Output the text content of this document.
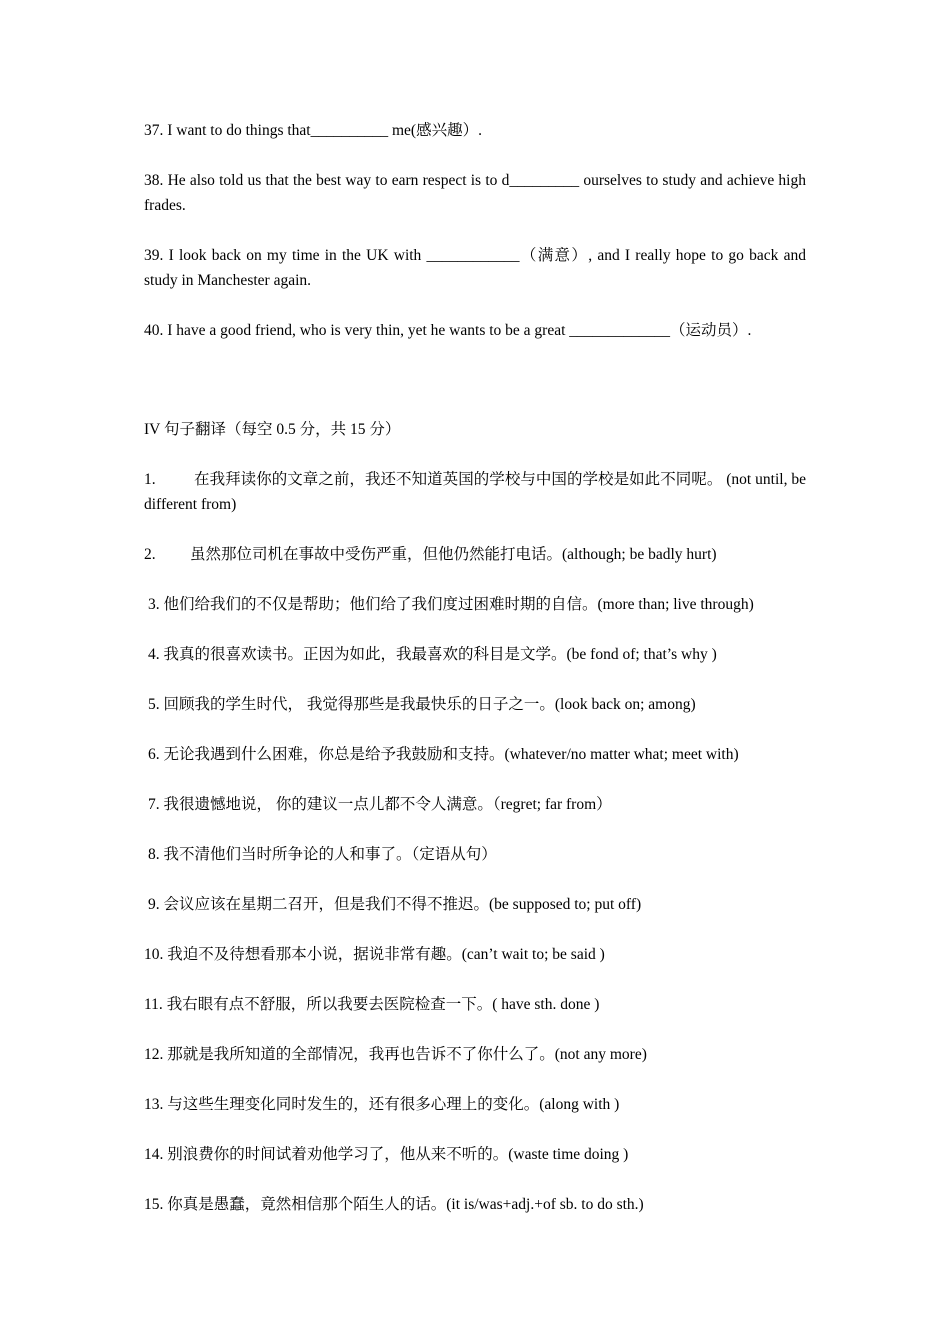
37. I want to do things that__________ me(感兴趣）.

38. He also told us that the best way to earn respect is to d_________ ourselves to study and achieve high frades.

39. I look back on my time in the UK with ____________（满意）, and I really hope to go back and study in Manchester again.

40. I have a good friend, who is very thin, yet he wants to be a great _____________（运动员）.

IV 句子翻译（每空 0.5 分，共 15 分）

1. 在我拜读你的文章之前，我还不知道英国的学校与中国的学校是如此不同呢。 (not until, be different from)

2. 虽然那位司机在事故中受伤严重，但他仍然能打电话。(although; be badly hurt)

3. 他们给我们的不仅是帮助；他们给了我们度过困难时期的自信。(more than; live through)

4. 我真的很喜欢读书。正因为如此，我最喜欢的科目是文学。(be fond of; that’s why )

5. 回顾我的学生时代， 我觉得那些是我最快乐的日子之一。(look back on; among)

6. 无论我遇到什么困难，你总是给予我鼓励和支持。(whatever/no matter what; meet with)

7. 我很遗憾地说， 你的建议一点儿都不令人满意。（regret; far from）

8. 我不清他们当时所争论的人和事了。（定语从句）

9. 会议应该在星期二召开，但是我们不得不推迟。(be supposed to; put off)

10. 我迫不及待想看那本小说，据说非常有趣。(can’t wait to; be said )

11. 我右眼有点不舒服，所以我要去医院检查一下。( have sth. done )

12. 那就是我所知道的全部情况，我再也告诉不了你什么了。(not any more)

13. 与这些生理变化同时发生的，还有很多心理上的变化。(along with )

14. 别浪费你的时间试着劝他学习了，他从来不听的。(waste time doing )

15. 你真是愚蠢，竟然相信那个陌生人的话。(it is/was+adj.+of sb. to do sth.)
